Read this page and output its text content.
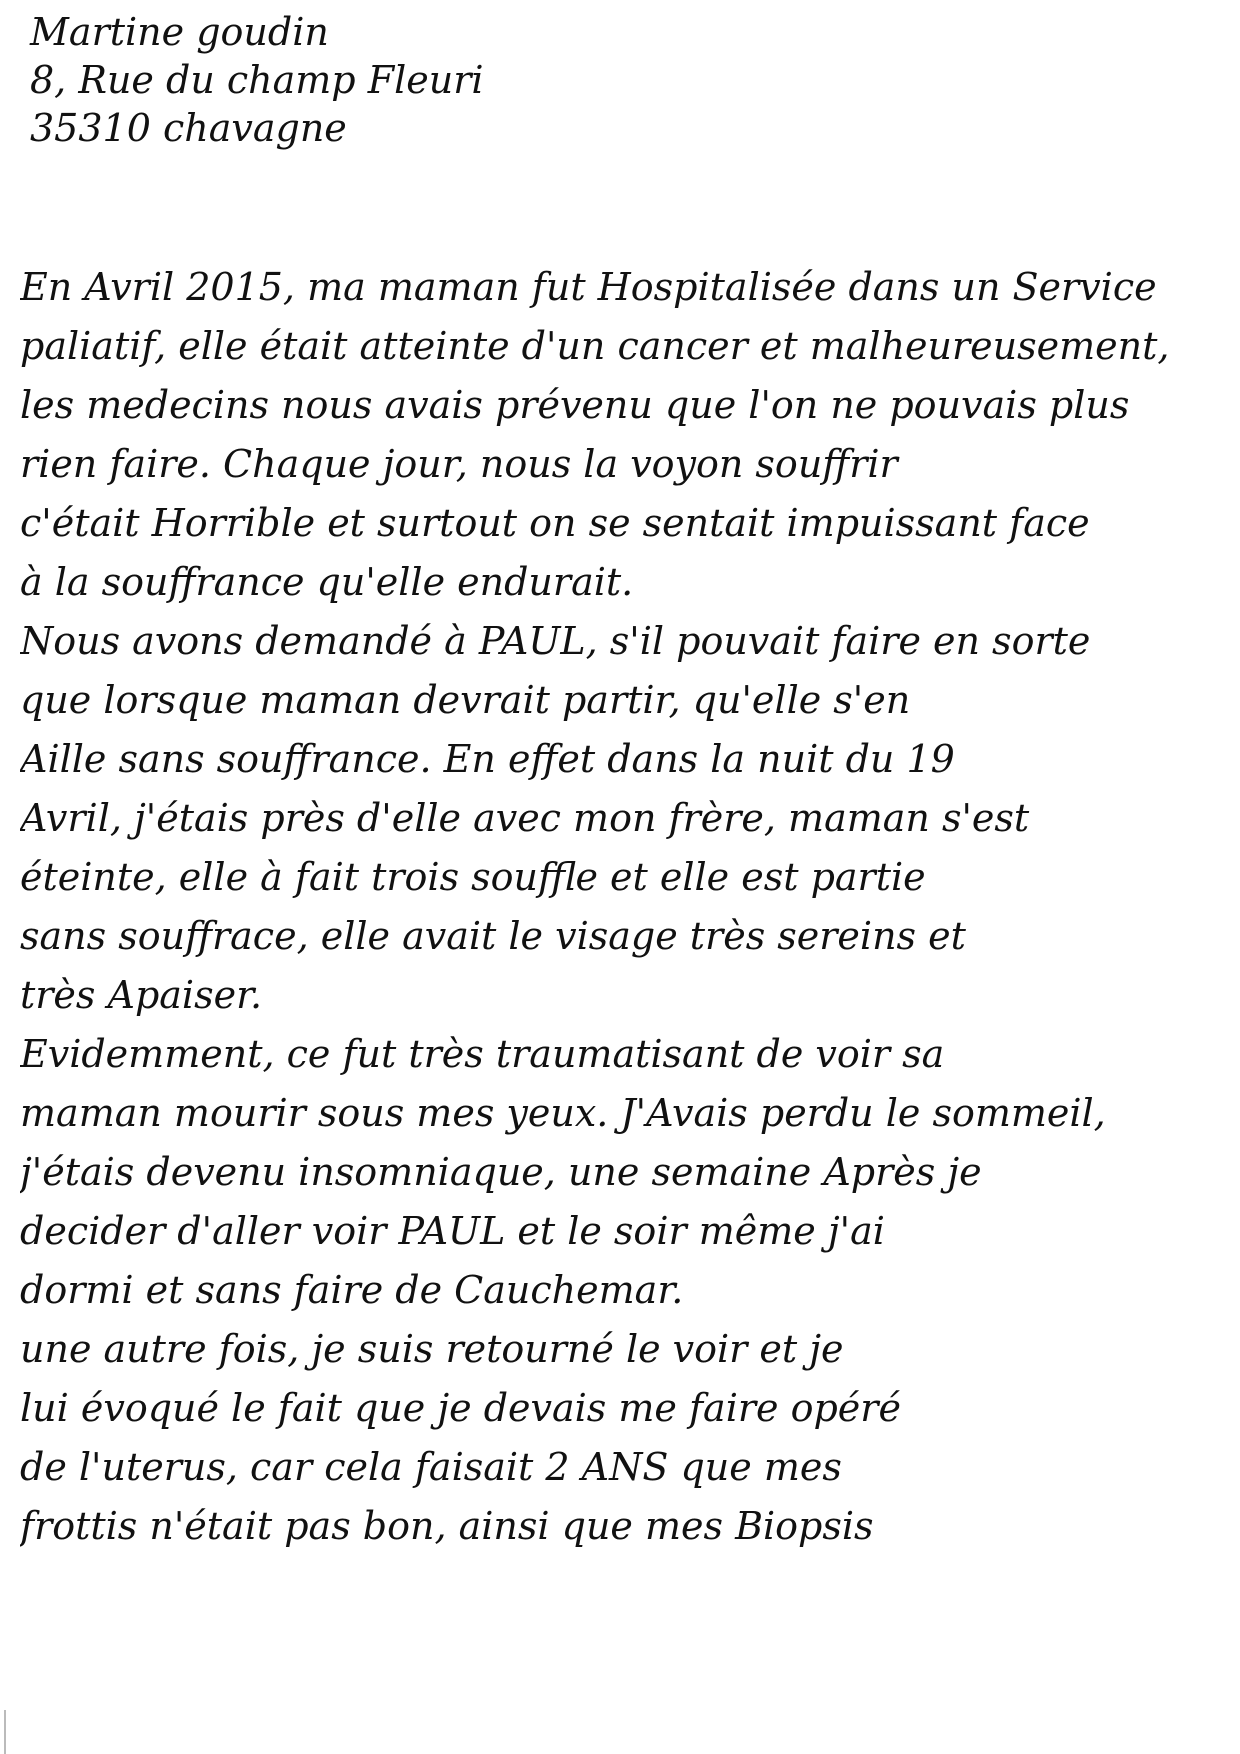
Martine goudin
8, Rue du champ Fleuri
35310 chavagne
En Avril 2015, ma maman fut Hospitalisée dans un Service
paliatif, elle était atteinte d'un cancer et malheureusement,
les medecins nous avais prévenu que l'on ne pouvais plus
rien faire. Chaque jour, nous la voyon souffrir
c'était Horrible et surtout on se sentait impuissant face
à la souffrance qu'elle endurait.
Nous avons demandé à PAUL, s'il pouvait faire en sorte
que lorsque maman devrait partir, qu'elle s'en
Aille sans souffrance. En effet dans la nuit du 19
Avril, j'étais près d'elle avec mon frère, maman s'est
éteinte, elle à fait trois souffle et elle est partie
sans souffrace, elle avait le visage très sereins et
très Apaiser.
Evidemment, ce fut très traumatisant de voir sa
maman mourir sous mes yeux. J'Avais perdu le sommeil,
j'étais devenu insomniaque, une semaine Après je
decider d'aller voir PAUL et le soir même j'ai
dormi et sans faire de Cauchemar.
une autre fois, je suis retourné le voir et je
lui évoqué le fait que je devais me faire opéré
de l'uterus, car cela faisait 2 ANS que mes
frottis n'était pas bon, ainsi que mes Biopsis
